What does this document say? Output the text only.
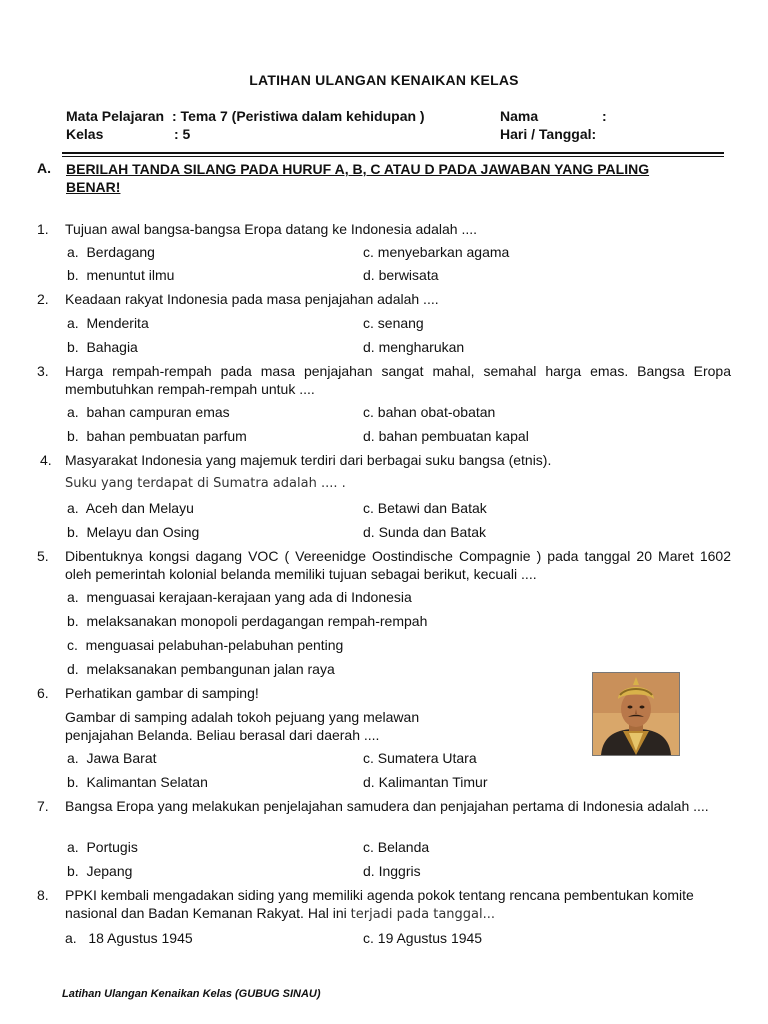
LATIHAN ULANGAN KENAIKAN KELAS
Mata Pelajaran : Tema 7 (Peristiwa dalam kehidupan )
Kelas	: 5
Nama	:
Hari / Tanggal:
A. BERILAH TANDA SILANG PADA HURUF A, B, C ATAU D PADA JAWABAN YANG PALING BENAR!
1. Tujuan awal bangsa-bangsa Eropa datang ke Indonesia adalah ....
a. Berdagang
b. menuntut ilmu
c. menyebarkan agama
d. berwisata
2. Keadaan rakyat Indonesia pada masa penjajahan adalah ....
a. Menderita
b. Bahagia
c. senang
d. mengharukan
3. Harga rempah-rempah pada masa penjajahan sangat mahal, semahal harga emas. Bangsa Eropa membutuhkan rempah-rempah untuk ....
a. bahan campuran emas
b. bahan pembuatan parfum
c. bahan obat-obatan
d. bahan pembuatan kapal
4. Masyarakat Indonesia yang majemuk terdiri dari berbagai suku bangsa (etnis).
Suku yang terdapat di Sumatra adalah .... .
a. Aceh dan Melayu
b. Melayu dan Osing
c. Betawi dan Batak
d. Sunda dan Batak
5. Dibentuknya kongsi dagang VOC ( Vereenidge Oostindische Compagnie ) pada tanggal 20 Maret 1602 oleh pemerintah kolonial belanda memiliki tujuan sebagai berikut, kecuali ....
a. menguasai kerajaan-kerajaan yang ada di Indonesia
b. melaksanakan monopoli perdagangan rempah-rempah
c. menguasai pelabuhan-pelabuhan penting
d. melaksanakan pembangunan jalan raya
6. Perhatikan gambar di samping!
Gambar di samping adalah tokoh pejuang yang melawan penjajahan Belanda. Beliau berasal dari daerah ....
a. Jawa Barat
b. Kalimantan Selatan
c. Sumatera Utara
d. Kalimantan Timur
7. Bangsa Eropa yang melakukan penjelajahan samudera dan penjajahan pertama di Indonesia adalah ....
a. Portugis
b. Jepang
c. Belanda
d. Inggris
8. PPKI kembali mengadakan siding yang memiliki agenda pokok tentang rencana pembentukan komite nasional dan Badan Kemanan Rakyat. Hal ini terjadi pada tanggal...
a. 18 Agustus 1945	c. 19 Agustus 1945
Latihan Ulangan Kenaikan Kelas (GUBUG SINAU)
